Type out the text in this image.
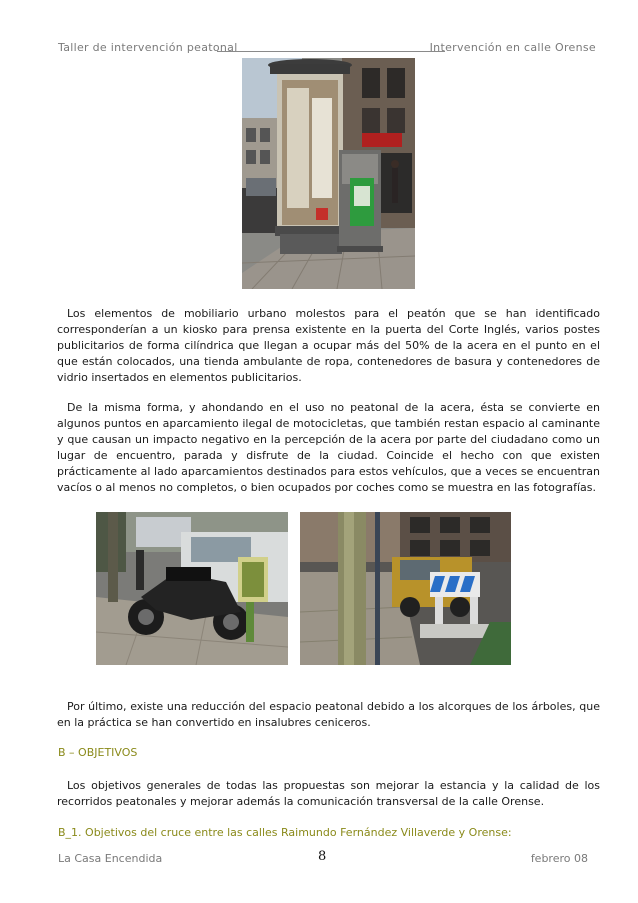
Taller de intervención peatonal	Intervención en calle Orense
Los elementos de mobiliario urbano molestos para el peatón que se han identificado corresponderían a un kiosko para prensa existente en la puerta del Corte Inglés, varios postes publicitarios de forma cilíndrica que llegan a ocupar más del 50% de la acera en el punto en el que están colocados, una tienda ambulante de ropa, contenedores de basura y contenedores de vidrio insertados en elementos publicitarios.
De la misma forma, y ahondando en el uso no peatonal de la acera, ésta se convierte en algunos puntos en aparcamiento ilegal de motocicletas, que también restan espacio al caminante y que causan un impacto negativo en la percepción de la acera por parte del ciudadano como un lugar de encuentro, parada y disfrute de la ciudad. Coincide el hecho con que existen prácticamente al lado aparcamientos destinados para estos vehículos, que a veces se encuentran vacíos o al menos no completos, o bien ocupados por coches como se muestra en las fotografías.
Por último, existe una reducción del espacio peatonal debido a los alcorques de los árboles, que en la práctica se han convertido en insalubres ceniceros.
B – OBJETIVOS
Los objetivos generales de todas las propuestas son mejorar la estancia y la calidad de los recorridos peatonales y mejorar además la comunicación transversal de la calle Orense.
B_1. Objetivos del cruce entre las calles Raimundo Fernández Villaverde y Orense:
La Casa Encendida	8	febrero 08
